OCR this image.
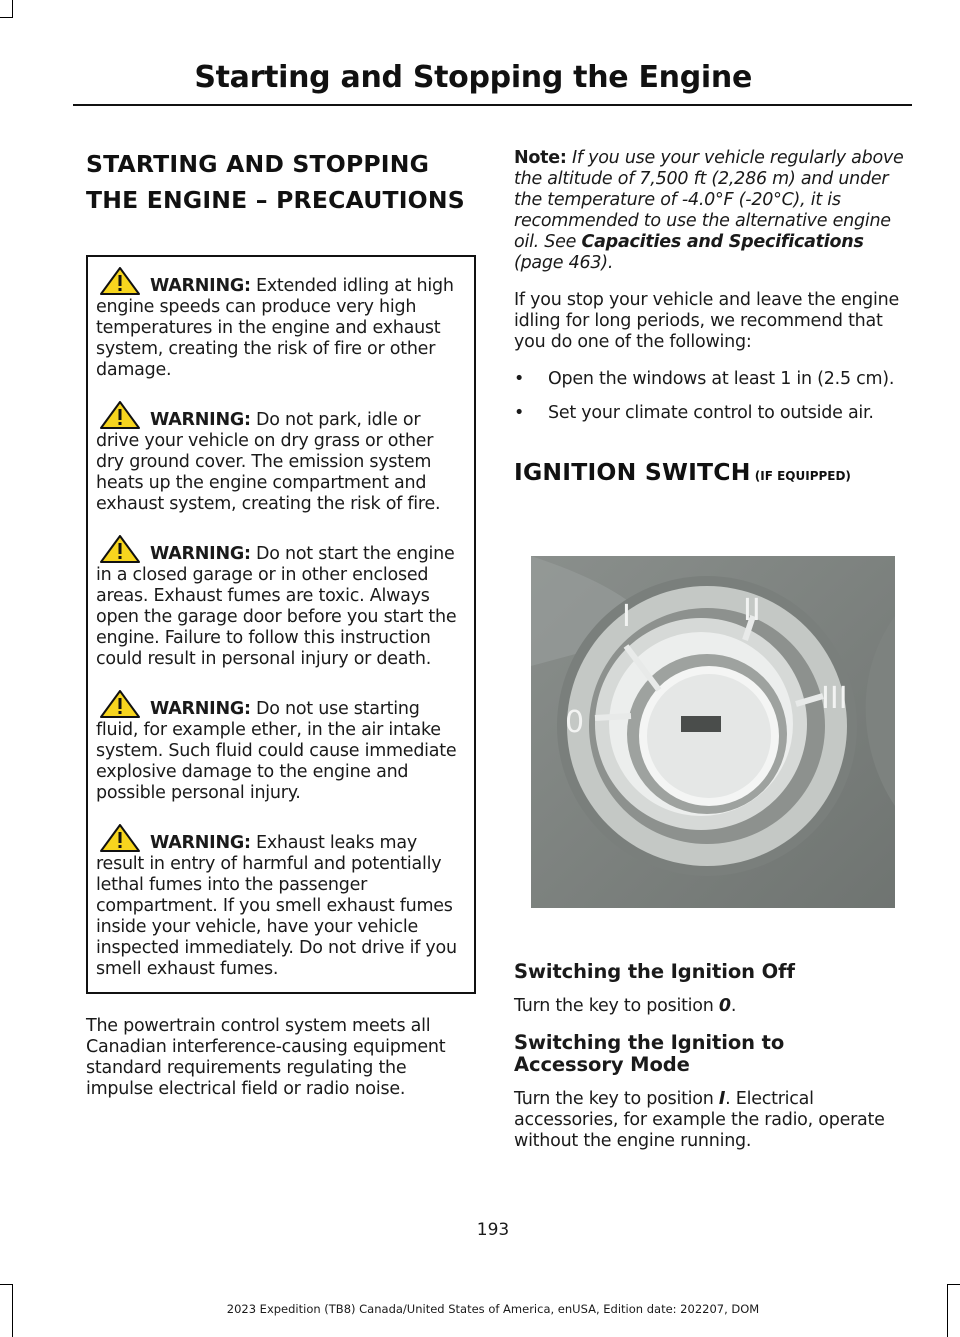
Starting and Stopping the Engine
STARTING AND STOPPING
THE ENGINE – PRECAUTIONS

WARNING: Extended idling at high engine speeds can produce very high temperatures in the engine and exhaust system, creating the risk of fire or other damage.

WARNING: Do not park, idle or drive your vehicle on dry grass or other dry ground cover. The emission system heats up the engine compartment and exhaust system, creating the risk of fire.

WARNING: Do not start the engine in a closed garage or in other enclosed areas. Exhaust fumes are toxic. Always open the garage door before you start the engine. Failure to follow this instruction could result in personal injury or death.

WARNING: Do not use starting fluid, for example ether, in the air intake system. Such fluid could cause immediate explosive damage to the engine and possible personal injury.

WARNING: Exhaust leaks may result in entry of harmful and potentially lethal fumes into the passenger compartment. If you smell exhaust fumes inside your vehicle, have your vehicle inspected immediately. Do not drive if you smell exhaust fumes.

The powertrain control system meets all Canadian interference-causing equipment standard requirements regulating the impulse electrical field or radio noise.

Note: If you use your vehicle regularly above the altitude of 7,500 ft (2,286 m) and under the temperature of -4.0°F (-20°C), it is recommended to use the alternative engine oil. See Capacities and Specifications (page 463).

If you stop your vehicle and leave the engine idling for long periods, we recommend that you do one of the following:

• Open the windows at least 1 in (2.5 cm).
• Set your climate control to outside air.
IGNITION SWITCH (IF EQUIPPED)
I	II
III
0
Switching the Ignition Off

Turn the key to position 0.

Switching the Ignition to
Accessory Mode

Turn the key to position I. Electrical accessories, for example the radio, operate without the engine running.

193
2023 Expedition (TB8) Canada/United States of America, enUSA, Edition date: 202207, DOM
